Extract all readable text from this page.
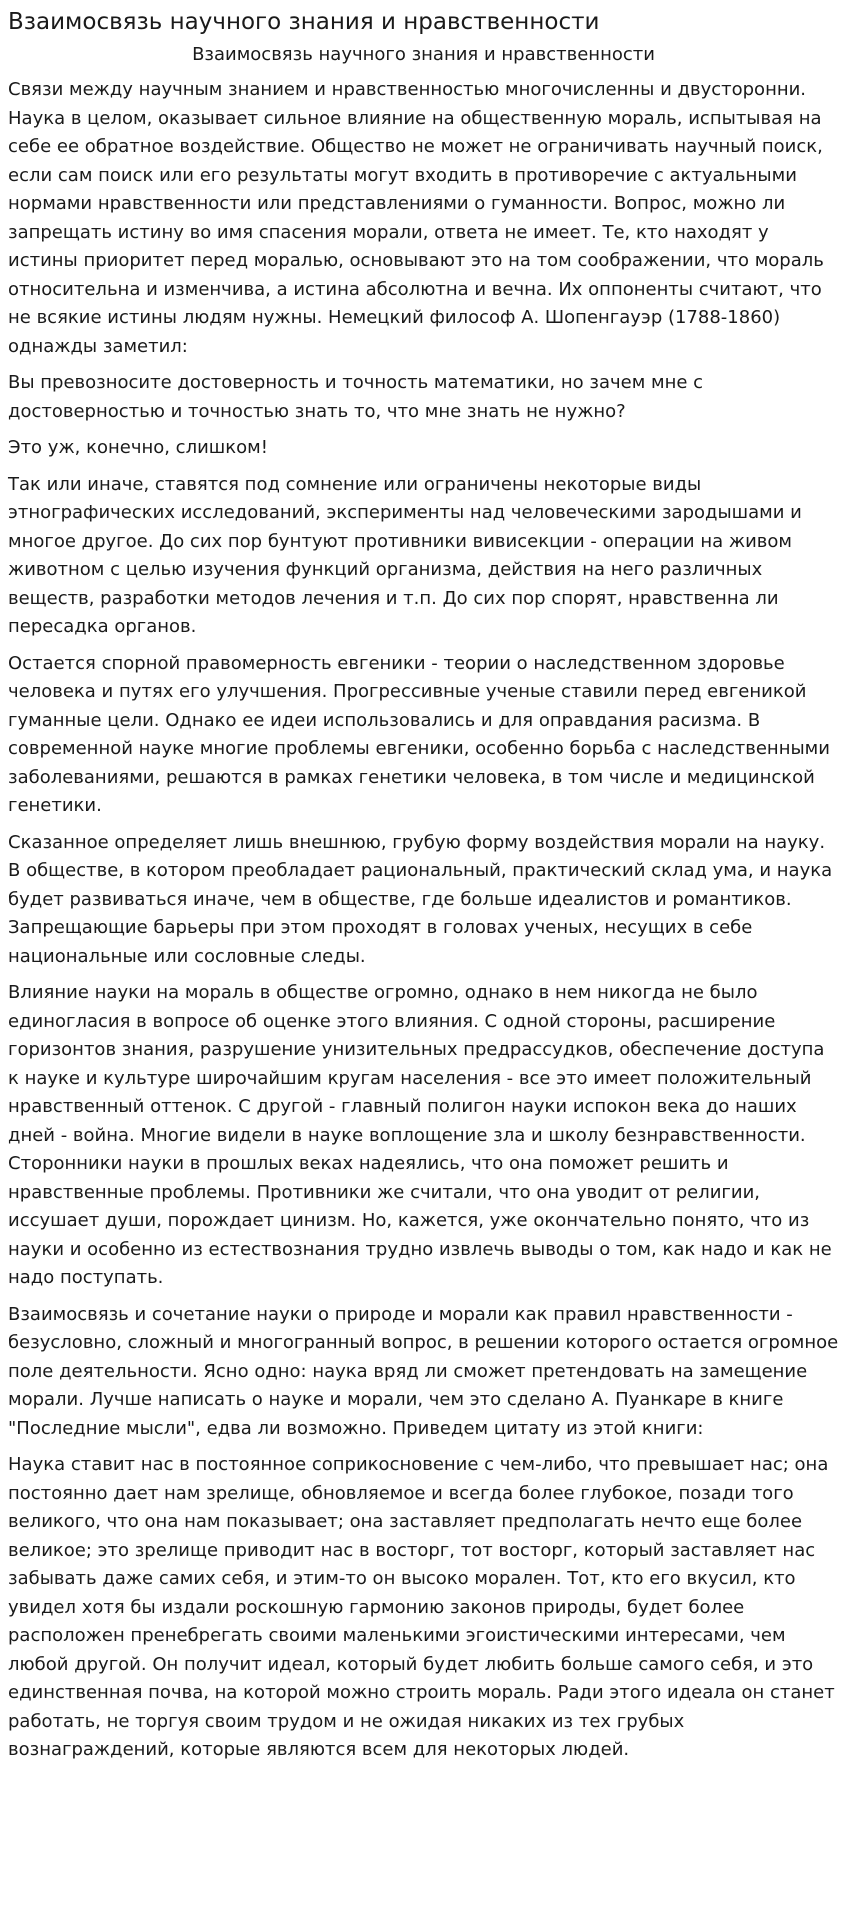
Взаимосвязь научного знания и нравственности
Взаимосвязь научного знания и нравственности

Связи между научным знанием и нравственностью многочисленны и двусторонни. Наука в целом, оказывает сильное влияние на общественную мораль, испытывая на себе ее обратное воздействие. Общество не может не ограничивать научный поиск, если сам поиск или его результаты могут входить в противоречие с актуальными нормами нравственности или представлениями о гуманности. Вопрос, можно ли запрещать истину во имя спасения морали, ответа не имеет. Те, кто находят у истины приоритет перед моралью, основывают это на том соображении, что мораль относительна и изменчива, а истина абсолютна и вечна. Их оппоненты считают, что не всякие истины людям нужны. Немецкий философ А. Шопенгауэр (1788-1860) однажды заметил:

Вы превозносите достоверность и точность математики, но зачем мне с достоверностью и точностью знать то, что мне знать не нужно?

Это уж, конечно, слишком!

Так или иначе, ставятся под сомнение или ограничены некоторые виды этнографических исследований, эксперименты над человеческими зародышами и многое другое. До сих пор бунтуют противники вивисекции - операции на живом животном с целью изучения функций организма, действия на него различных веществ, разработки методов лечения и т.п. До сих пор спорят, нравственна ли пересадка органов.

Остается спорной правомерность евгеники - теории о наследственном здоровье человека и путях его улучшения. Прогрессивные ученые ставили перед евгеникой гуманные цели. Однако ее идеи использовались и для оправдания расизма. В современной науке многие проблемы евгеники, особенно борьба с наследственными заболеваниями, решаются в рамках генетики человека, в том числе и медицинской генетики.

Сказанное определяет лишь внешнюю, грубую форму воздействия морали на науку. В обществе, в котором преобладает рациональный, практический склад ума, и наука будет развиваться иначе, чем в обществе, где больше идеалистов и романтиков. Запрещающие барьеры при этом проходят в головах ученых, несущих в себе национальные или сословные следы.

Влияние науки на мораль в обществе огромно, однако в нем никогда не было единогласия в вопросе об оценке этого влияния. С одной стороны, расширение горизонтов знания, разрушение унизительных предрассудков, обеспечение доступа к науке и культуре широчайшим кругам населения - все это имеет положительный нравственный оттенок. С другой - главный полигон науки испокон века до наших дней - война. Многие видели в науке воплощение зла и школу безнравственности. Сторонники науки в прошлых веках надеялись, что она поможет решить и нравственные проблемы. Противники же считали, что она уводит от религии, иссушает души, порождает цинизм. Но, кажется, уже окончательно понято, что из науки и особенно из естествознания трудно извлечь выводы о том, как надо и как не надо поступать.

Взаимосвязь и сочетание науки о природе и морали как правил нравственности - безусловно, сложный и многогранный вопрос, в решении которого остается огромное поле деятельности. Ясно одно: наука вряд ли сможет претендовать на замещение морали. Лучше написать о науке и морали, чем это сделано А. Пуанкаре в книге "Последние мысли", едва ли возможно. Приведем цитату из этой книги:

Наука ставит нас в постоянное соприкосновение с чем-либо, что превышает нас; она постоянно дает нам зрелище, обновляемое и всегда более глубокое, позади того великого, что она нам показывает; она заставляет предполагать нечто еще более великое; это зрелище приводит нас в восторг, тот восторг, который заставляет нас забывать даже самих себя, и этим-то он высоко морален. Тот, кто его вкусил, кто увидел хотя бы издали роскошную гармонию законов природы, будет более расположен пренебрегать своими маленькими эгоистическими интересами, чем любой другой. Он получит идеал, который будет любить больше самого себя, и это единственная почва, на которой можно строить мораль. Ради этого идеала он станет работать, не торгуя своим трудом и не ожидая никаких из тех грубых вознаграждений, которые являются всем для некоторых людей.
